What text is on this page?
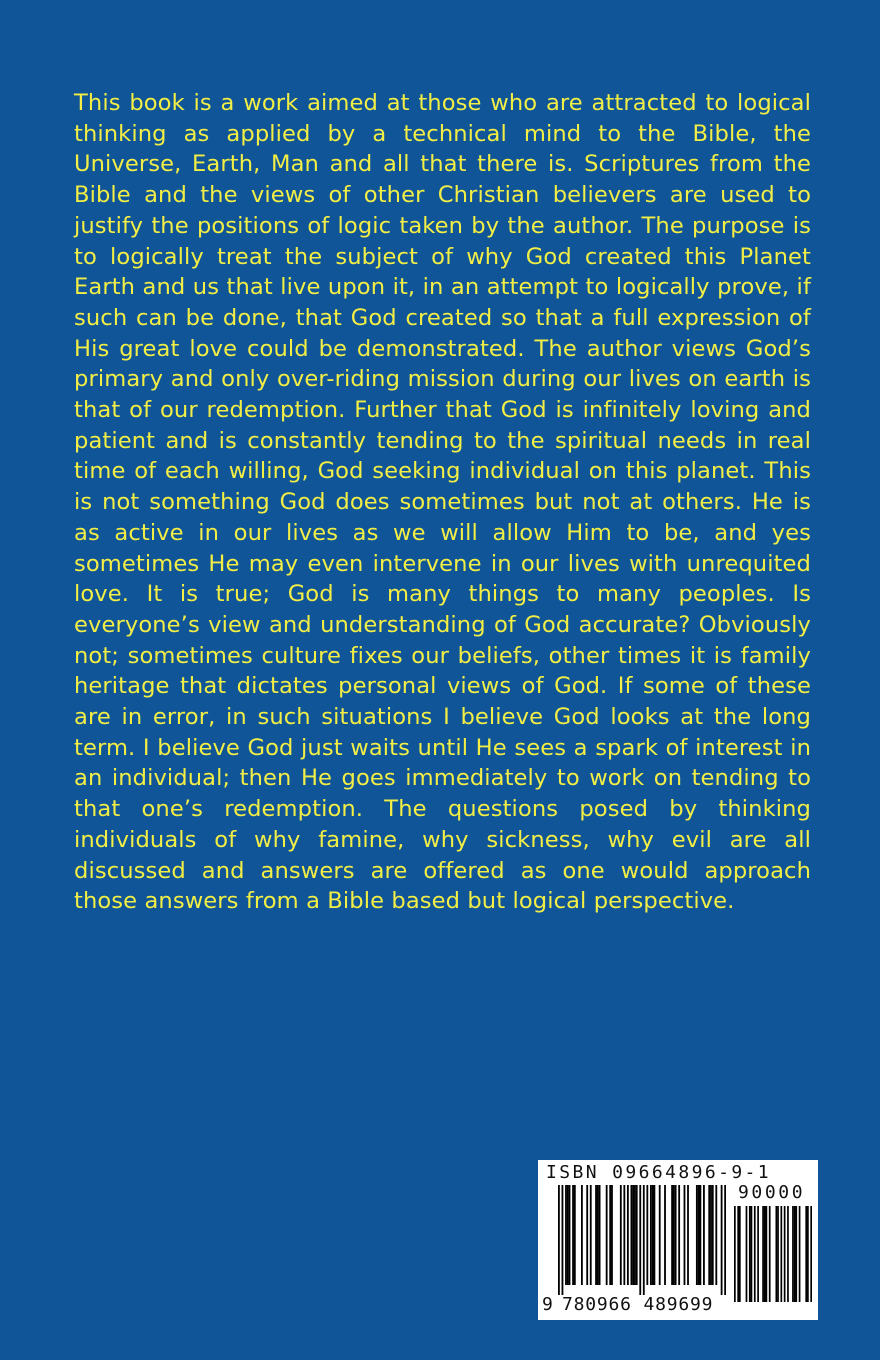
This book is a work aimed at those who are attracted to logical thinking as applied by a technical mind to the Bible, the Universe, Earth, Man and all that there is. Scriptures from the Bible and the views of other Christian believers are used to justify the positions of logic taken by the author. The purpose is to logically treat the subject of why God created this Planet Earth and us that live upon it, in an attempt to logically prove, if such can be done, that God created so that a full expression of His great love could be demonstrated. The author views God’s primary and only over-riding mission during our lives on earth is that of our redemption. Further that God is infinitely loving and patient and is constantly tending to the spiritual needs in real time of each willing, God seeking individual on this planet. This is not something God does sometimes but not at others. He is as active in our lives as we will allow Him to be, and yes sometimes He may even intervene in our lives with unrequited love. It is true; God is many things to many peoples. Is everyone’s view and understanding of God accurate? Obviously not; sometimes culture fixes our beliefs, other times it is family heritage that dictates personal views of God. If some of these are in error, in such situations I believe God looks at the long term. I believe God just waits until He sees a spark of interest in an individual; then He goes immediately to work on tending to that one’s redemption. The questions posed by thinking individuals of why famine, why sickness, why evil are all discussed and answers are offered as one would approach those answers from a Bible based but logical perspective.

ISBN 09664896-9-1
90000
9 780966 489699
